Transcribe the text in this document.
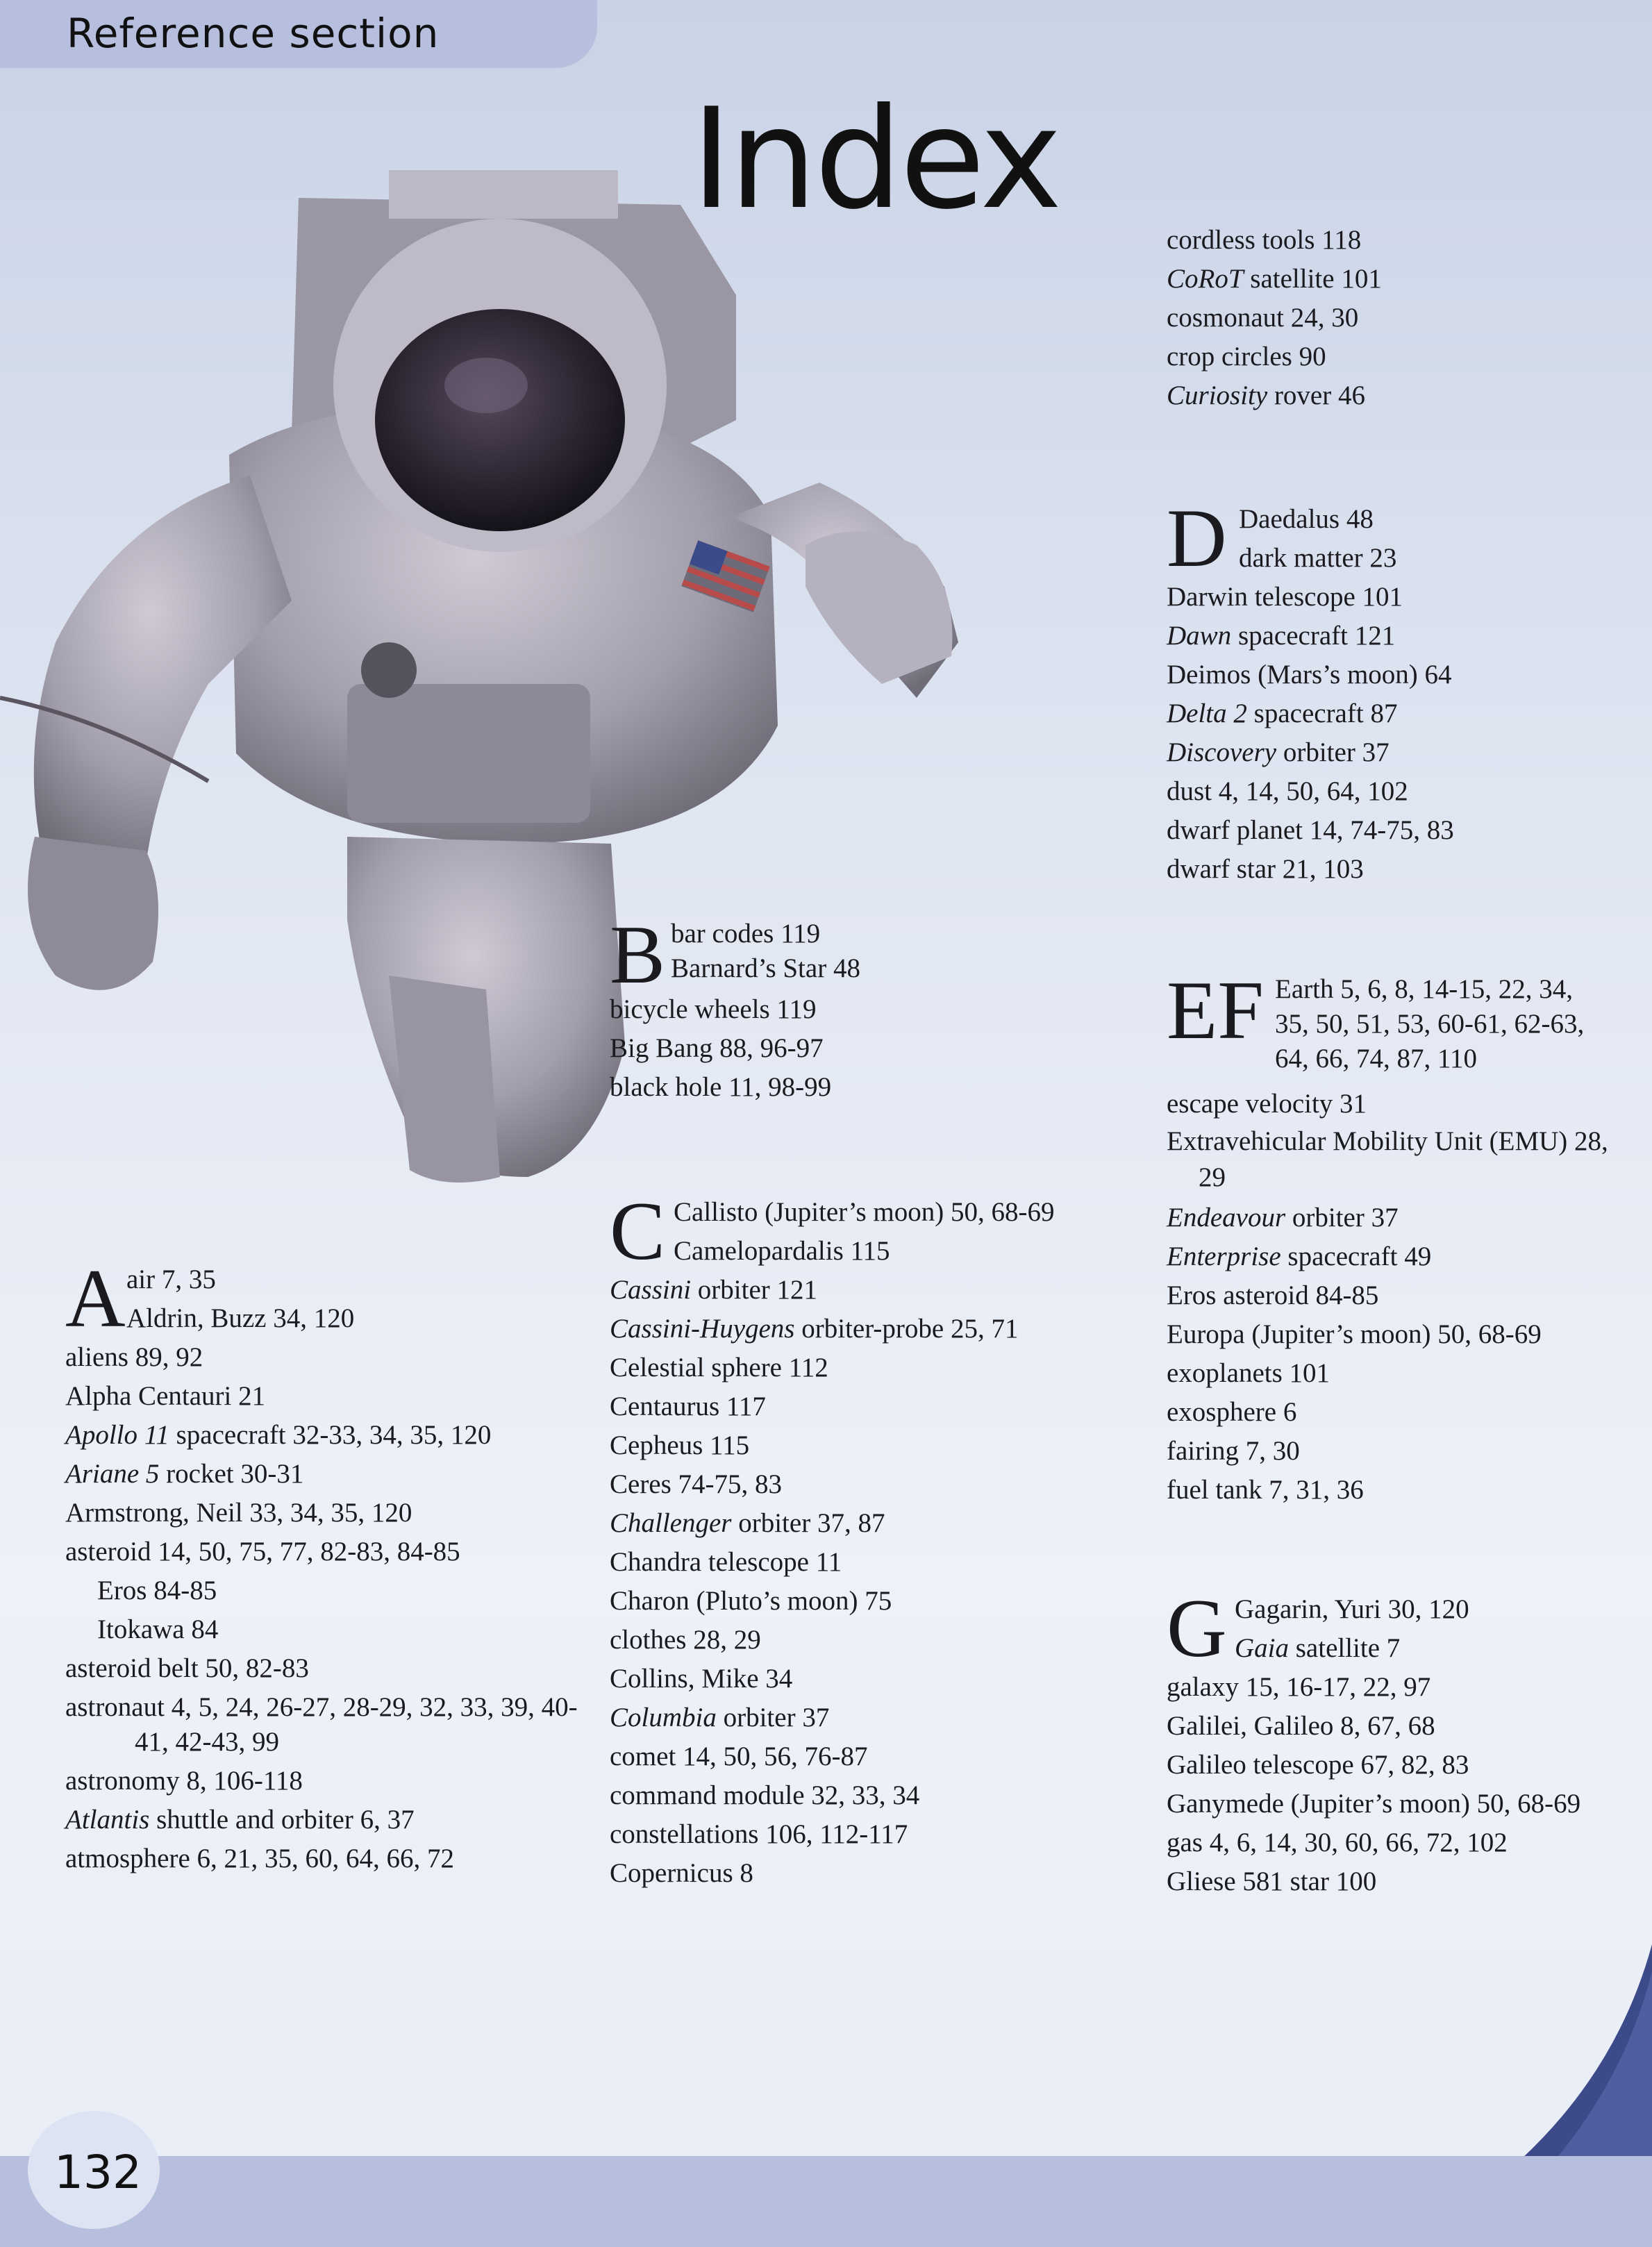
Reference section
Index
A air 7, 35
Aldrin, Buzz 34, 120
aliens 89, 92
Alpha Centauri 21
Apollo 11 spacecraft 32-33, 34, 35, 120
Ariane 5 rocket 30-31
Armstrong, Neil 33, 34, 35, 120
asteroid 14, 50, 75, 77, 82-83, 84-85
Eros 84-85
Itokawa 84
asteroid belt 50, 82-83
astronaut 4, 5, 24, 26-27, 28-29, 32, 33, 39, 40-41, 42-43, 99
astronomy 8, 106-118
Atlantis shuttle and orbiter 6, 37
atmosphere 6, 21, 35, 60, 64, 66, 72
B bar codes 119
Barnard’s Star 48
bicycle wheels 119
Big Bang 88, 96-97
black hole 11, 98-99
C Callisto (Jupiter’s moon) 50, 68-69
Camelopardalis 115
Cassini orbiter 121
Cassini-Huygens orbiter-probe 25, 71
Celestial sphere 112
Centaurus 117
Cepheus 115
Ceres 74-75, 83
Challenger orbiter 37, 87
Chandra telescope 11
Charon (Pluto’s moon) 75
clothes 28, 29
Collins, Mike 34
Columbia orbiter 37
comet 14, 50, 56, 76-87
command module 32, 33, 34
constellations 106, 112-117
Copernicus 8
cordless tools 118
CoRoT satellite 101
cosmonaut 24, 30
crop circles 90
Curiosity rover 46
D Daedalus 48
dark matter 23
Darwin telescope 101
Dawn spacecraft 121
Deimos (Mars’s moon) 64
Delta 2 spacecraft 87
Discovery orbiter 37
dust 4, 14, 50, 64, 102
dwarf planet 14, 74-75, 83
dwarf star 21, 103
EF Earth 5, 6, 8, 14-15, 22, 34,
35, 50, 51, 53, 60-61, 62-63,
64, 66, 74, 87, 110
escape velocity 31
Extravehicular Mobility Unit (EMU) 28, 29
Endeavour orbiter 37
Enterprise spacecraft 49
Eros asteroid 84-85
Europa (Jupiter’s moon) 50, 68-69
exoplanets 101
exosphere 6
fairing 7, 30
fuel tank 7, 31, 36
G Gagarin, Yuri 30, 120
Gaia satellite 7
galaxy 15, 16-17, 22, 97
Galilei, Galileo 8, 67, 68
Galileo telescope 67, 82, 83
Ganymede (Jupiter’s moon) 50, 68-69
gas 4, 6, 14, 30, 60, 66, 72, 102
Gliese 581 star 100
132
